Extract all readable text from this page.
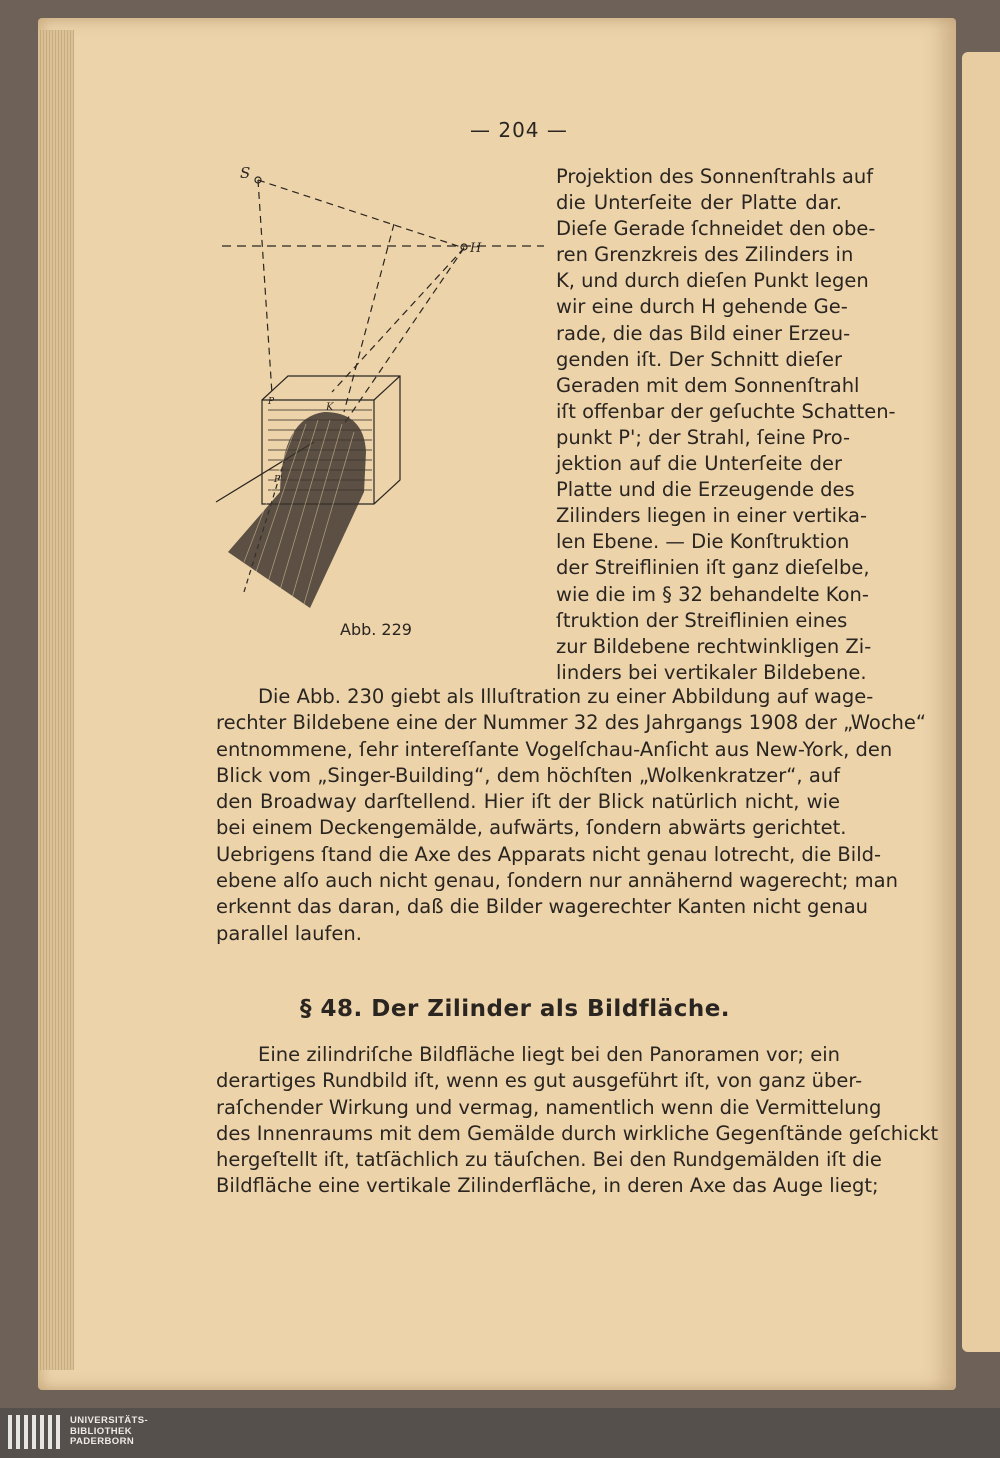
— 204 —
S
H
P	K
P'
Abb. 229
Projektion des Sonnenſtrahls auf
die Unterſeite der Platte dar.
Dieſe Gerade ſchneidet den obe-
ren Grenzkreis des Zilinders in
K, und durch dieſen Punkt legen
wir eine durch H gehende Ge-
rade, die das Bild einer Erzeu-
genden iſt. Der Schnitt dieſer
Geraden mit dem Sonnenſtrahl
iſt offenbar der geſuchte Schatten-
punkt P'; der Strahl, ſeine Pro-
jektion auf die Unterſeite der
Platte und die Erzeugende des
Zilinders liegen in einer vertika-
len Ebene. — Die Konſtruktion
der Streiflinien iſt ganz dieſelbe,
wie die im § 32 behandelte Kon-
ſtruktion der Streiflinien eines
zur Bildebene rechtwinkligen Zi-
linders bei vertikaler Bildebene.
Die Abb. 230 giebt als Illuſtration zu einer Abbildung auf wage-
rechter Bildebene eine der Nummer 32 des Jahrgangs 1908 der „Woche“
entnommene, ſehr intereſſante Vogelſchau-Anſicht aus New-York, den
Blick vom „Singer-Building“, dem höchſten „Wolkenkratzer“, auf
den Broadway darſtellend. Hier iſt der Blick natürlich nicht, wie
bei einem Deckengemälde, aufwärts, ſondern abwärts gerichtet.
Uebrigens ſtand die Axe des Apparats nicht genau lotrecht, die Bild-
ebene alſo auch nicht genau, ſondern nur annähernd wagerecht; man
erkennt das daran, daß die Bilder wagerechter Kanten nicht genau
parallel laufen.
§ 48. Der Zilinder als Bildfläche.
Eine zilindriſche Bildfläche liegt bei den Panoramen vor; ein
derartiges Rundbild iſt, wenn es gut ausgeführt iſt, von ganz über-
raſchender Wirkung und vermag, namentlich wenn die Vermittelung
des Innenraums mit dem Gemälde durch wirkliche Gegenſtände geſchickt
hergeſtellt iſt, tatſächlich zu täuſchen. Bei den Rundgemälden iſt die
Bildfläche eine vertikale Zilinderfläche, in deren Axe das Auge liegt;
UNIVERSITÄTS-
BIBLIOTHEK
PADERBORN
